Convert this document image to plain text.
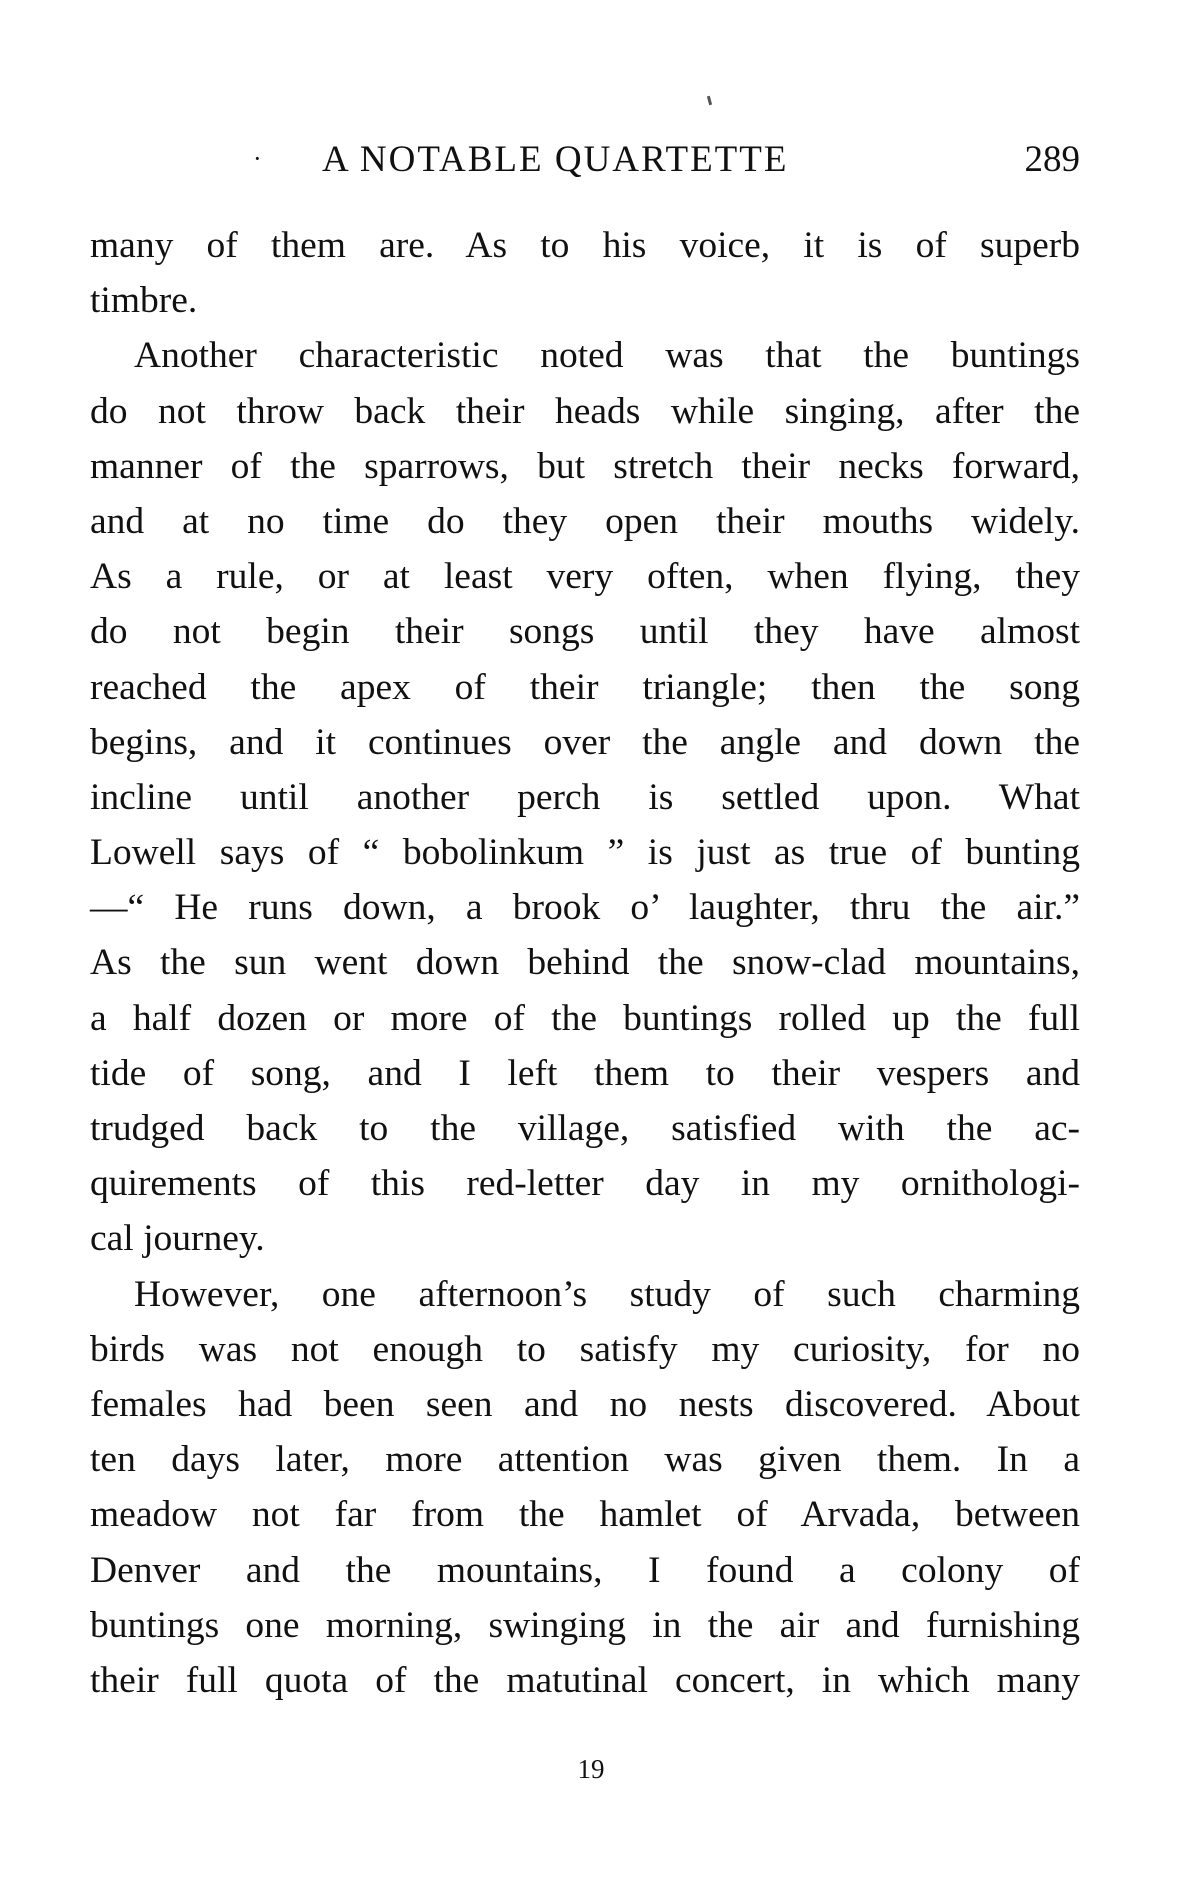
· A NOTABLE QUARTETTE	289
many of them are. As to his voice, it is of superb
timbre.
Another characteristic noted was that the buntings
do not throw back their heads while singing, after the
manner of the sparrows, but stretch their necks forward,
and at no time do they open their mouths widely.
As a rule, or at least very often, when flying, they
do not begin their songs until they have almost
reached the apex of their triangle; then the song
begins, and it continues over the angle and down the
incline until another perch is settled upon. What
Lowell says of “ bobolinkum ” is just as true of bunting
—“ He runs down, a brook o’ laughter, thru the air.”
As the sun went down behind the snow-clad mountains,
a half dozen or more of the buntings rolled up the full
tide of song, and I left them to their vespers and
trudged back to the village, satisfied with the ac-
quirements of this red-letter day in my ornithologi-
cal journey.
However, one afternoon’s study of such charming
birds was not enough to satisfy my curiosity, for no
females had been seen and no nests discovered. About
ten days later, more attention was given them. In a
meadow not far from the hamlet of Arvada, between
Denver and the mountains, I found a colony of
buntings one morning, swinging in the air and furnishing
their full quota of the matutinal concert, in which many
19
